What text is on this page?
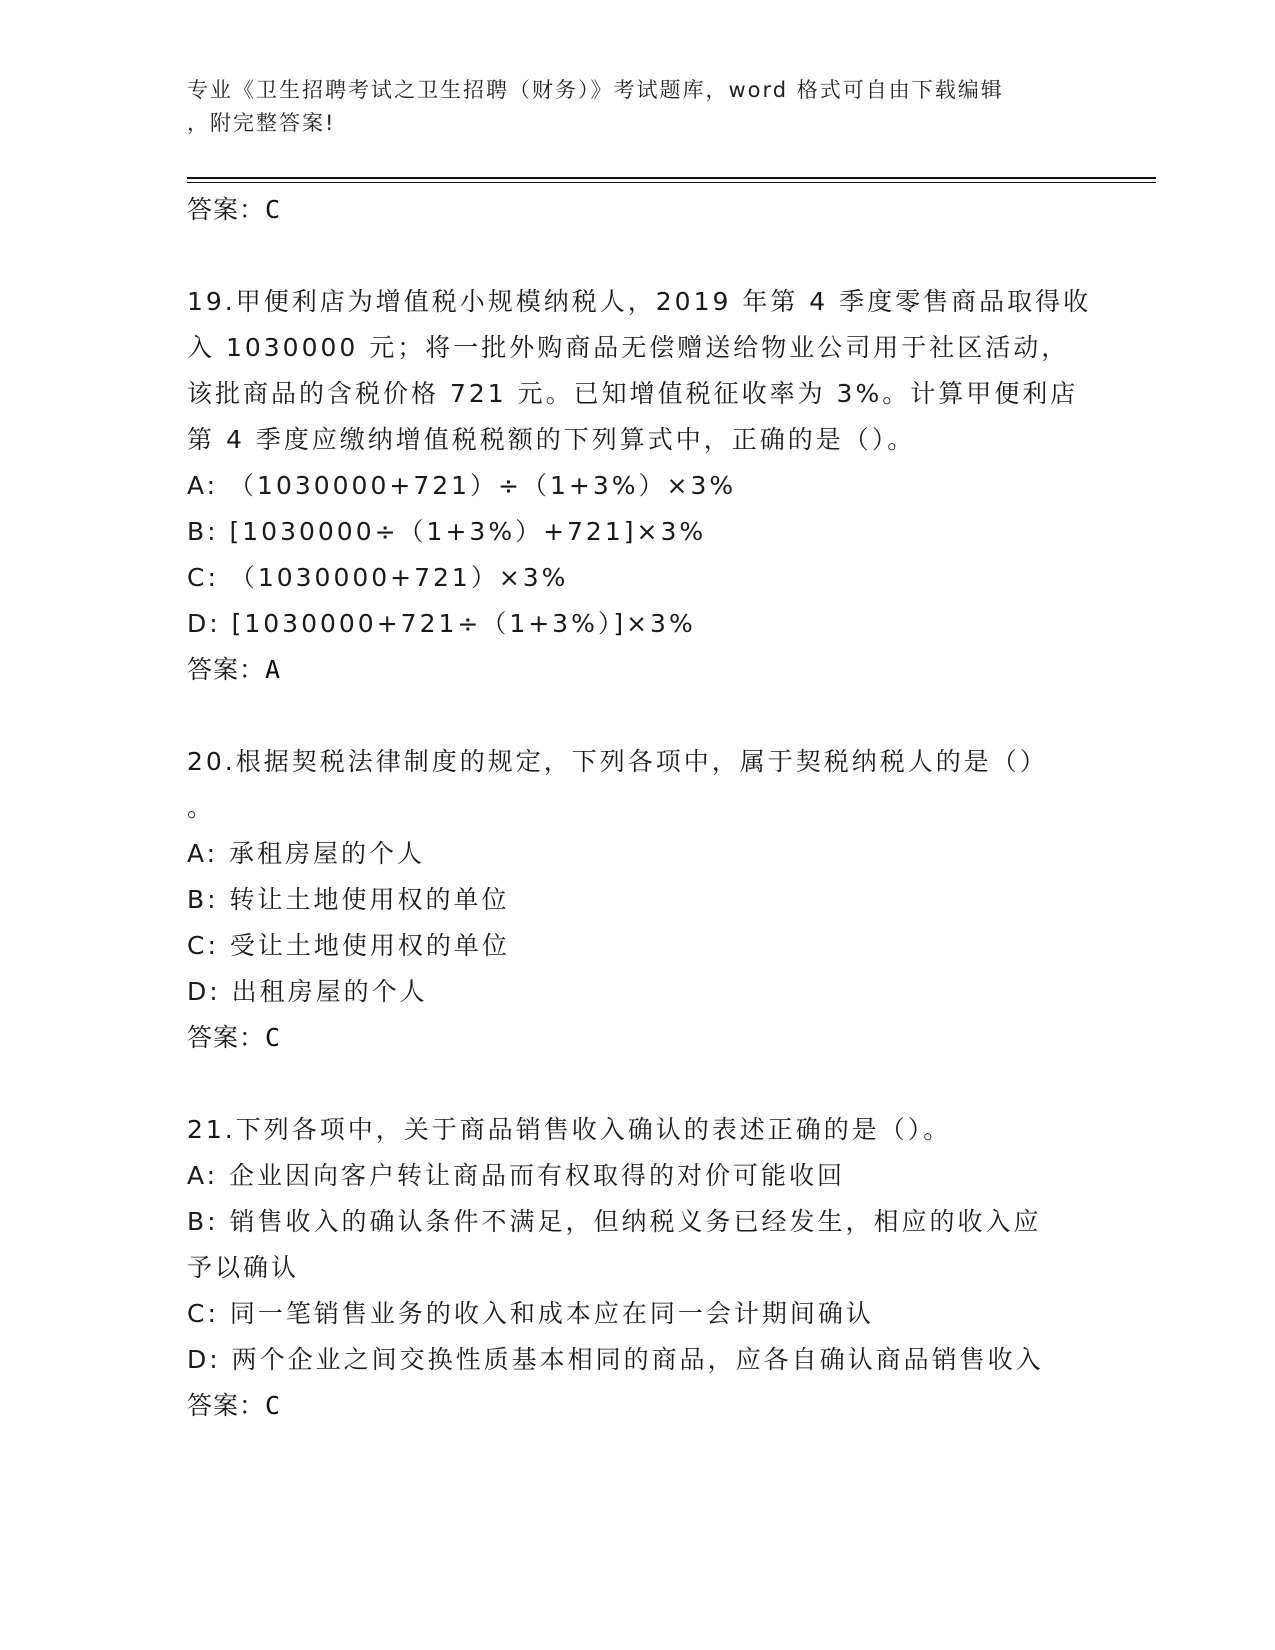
专业《卫生招聘考试之卫生招聘（财务）》考试题库，word 格式可自由下载编辑
，附完整答案!
答案：C
19.甲便利店为增值税小规模纳税人，2019 年第 4 季度零售商品取得收
入 1030000 元；将一批外购商品无偿赠送给物业公司用于社区活动，
该批商品的含税价格 721 元。已知增值税征收率为 3%。计算甲便利店
第 4 季度应缴纳增值税税额的下列算式中，正确的是（）。
A: （1030000+721）÷（1+3%）×3%
B: [1030000÷（1+3%）+721]×3%
C: （1030000+721）×3%
D: [1030000+721÷（1+3%）]×3%
答案：A
20.根据契税法律制度的规定，下列各项中，属于契税纳税人的是（）
。
A: 承租房屋的个人
B: 转让土地使用权的单位
C: 受让土地使用权的单位
D: 出租房屋的个人
答案：C
21.下列各项中，关于商品销售收入确认的表述正确的是（）。
A: 企业因向客户转让商品而有权取得的对价可能收回
B: 销售收入的确认条件不满足，但纳税义务已经发生，相应的收入应
予以确认
C: 同一笔销售业务的收入和成本应在同一会计期间确认
D: 两个企业之间交换性质基本相同的商品，应各自确认商品销售收入
答案：C
